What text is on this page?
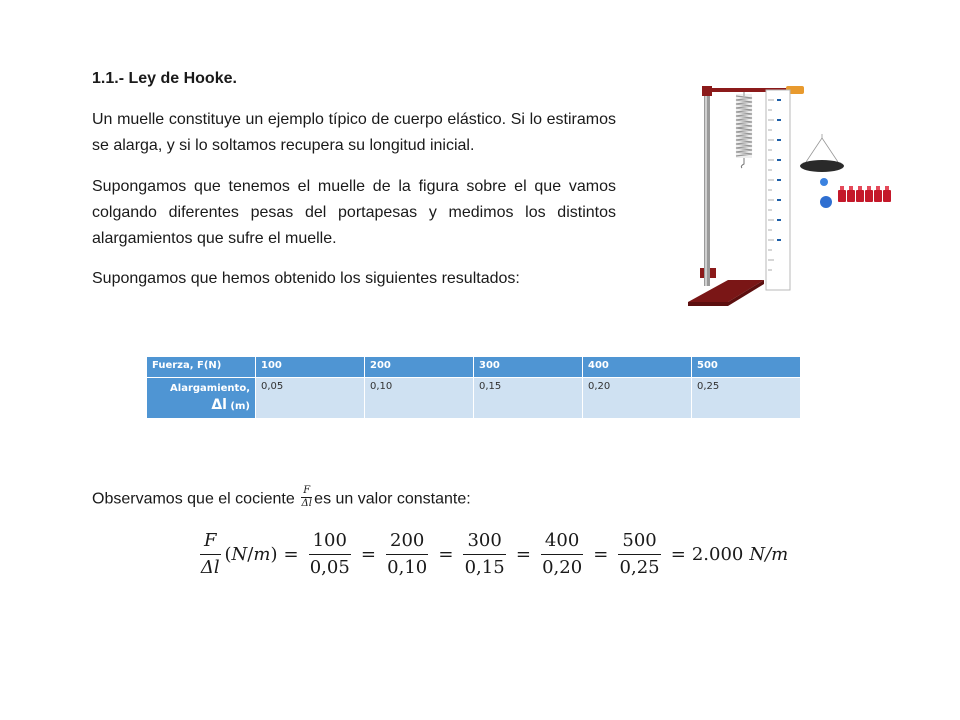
1.1.- Ley de Hooke.

Un muelle constituye un ejemplo típico de cuerpo elástico. Si lo estiramos se alarga, y si lo soltamos recupera su longitud inicial.

Supongamos que tenemos el muelle de la figura sobre el que vamos colgando diferentes pesas del portapesas y medimos los distintos alargamientos que sufre el muelle.

Supongamos que hemos obtenido los siguientes resultados:

Fuerza, F(N)	100	200	300	400	500
Alargamiento,
Δl (m)	0,05	0,10	0,15	0,20	0,25
Observamos que el cociente $\frac{F}{\Delta l}$ es un valor constante:
$\frac{F}{\Delta l} (N/m) = \frac{100}{0,05} = \frac{200}{0,10} = \frac{300}{0,15} = \frac{400}{0,20} = \frac{500}{0,25} = 2.000$ N/m
